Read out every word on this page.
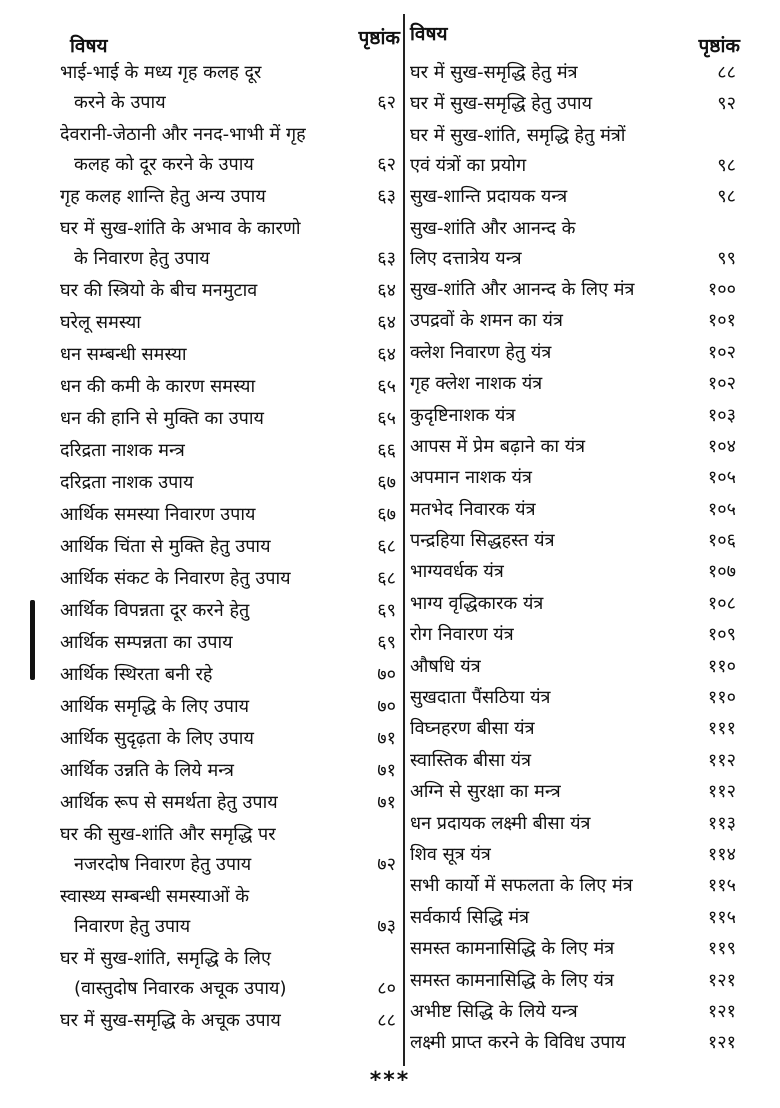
विषय	पृष्ठांक
भाई-भाई के मध्य गृह कलह दूर
करने के उपाय	६२
देवरानी-जेठानी और ननद-भाभी में गृह
कलह को दूर करने के उपाय	६२
गृह कलह शान्ति हेतु अन्य उपाय	६३
घर में सुख-शांति के अभाव के कारणो
के निवारण हेतु उपाय	६३
घर की स्त्रियो के बीच मनमुटाव	६४
घरेलू समस्या	६४
धन सम्बन्धी समस्या	६४
धन की कमी के कारण समस्या	६५
धन की हानि से मुक्ति का उपाय	६५
दरिद्रता नाशक मन्त्र	६६
दरिद्रता नाशक उपाय	६७
आर्थिक समस्या निवारण उपाय	६७
आर्थिक चिंता से मुक्ति हेतु उपाय	६८
आर्थिक संकट के निवारण हेतु उपाय	६८
आर्थिक विपन्नता दूर करने हेतु	६९
आर्थिक सम्पन्नता का उपाय	६९
आर्थिक स्थिरता बनी रहे	७०
आर्थिक समृद्धि के लिए उपाय	७०
आर्थिक सुदृढ़ता के लिए उपाय	७१
आर्थिक उन्नति के लिये मन्त्र	७१
आर्थिक रूप से समर्थता हेतु उपाय	७१
घर की सुख-शांति और समृद्धि पर
नजरदोष निवारण हेतु उपाय	७२
स्वास्थ्य सम्बन्धी समस्याओं के
निवारण हेतु उपाय	७३
घर में सुख-शांति, समृद्धि के लिए
(वास्तुदोष निवारक अचूक उपाय)	८०
घर में सुख-समृद्धि के अचूक उपाय	८८
विषय
पृष्ठांक
घर में सुख-समृद्धि हेतु मंत्र	८८
घर में सुख-समृद्धि हेतु उपाय	९२
घर में सुख-शांति, समृद्धि हेतु मंत्रों
एवं यंत्रों का प्रयोग	९८
सुख-शान्ति प्रदायक यन्त्र	९८
सुख-शांति और आनन्द के
लिए दत्तात्रेय यन्त्र	९९
सुख-शांति और आनन्द के लिए मंत्र	१००
उपद्रवों के शमन का यंत्र	१०१
क्लेश निवारण हेतु यंत्र	१०२
गृह क्लेश नाशक यंत्र	१०२
कुदृष्टिनाशक यंत्र	१०३
आपस में प्रेम बढ़ाने का यंत्र	१०४
अपमान नाशक यंत्र	१०५
मतभेद निवारक यंत्र	१०५
पन्द्रहिया सिद्धहस्त यंत्र	१०६
भाग्यवर्धक यंत्र	१०७
भाग्य वृद्धिकारक यंत्र	१०८
रोग निवारण यंत्र	१०९
औषधि यंत्र	११०
सुखदाता पैंसठिया यंत्र	११०
विघ्नहरण बीसा यंत्र	१११
स्वास्तिक बीसा यंत्र	११२
अग्नि से सुरक्षा का मन्त्र	११२
धन प्रदायक लक्ष्मी बीसा यंत्र	११३
शिव सूत्र यंत्र	११४
सभी कार्यो में सफलता के लिए मंत्र	११५
सर्वकार्य सिद्धि मंत्र	११५
समस्त कामनासिद्धि के लिए मंत्र	११९
समस्त कामनासिद्धि के लिए यंत्र	१२१
अभीष्ट सिद्धि के लिये यन्त्र	१२१
लक्ष्मी प्राप्त करने के विविध उपाय	१२१
***
